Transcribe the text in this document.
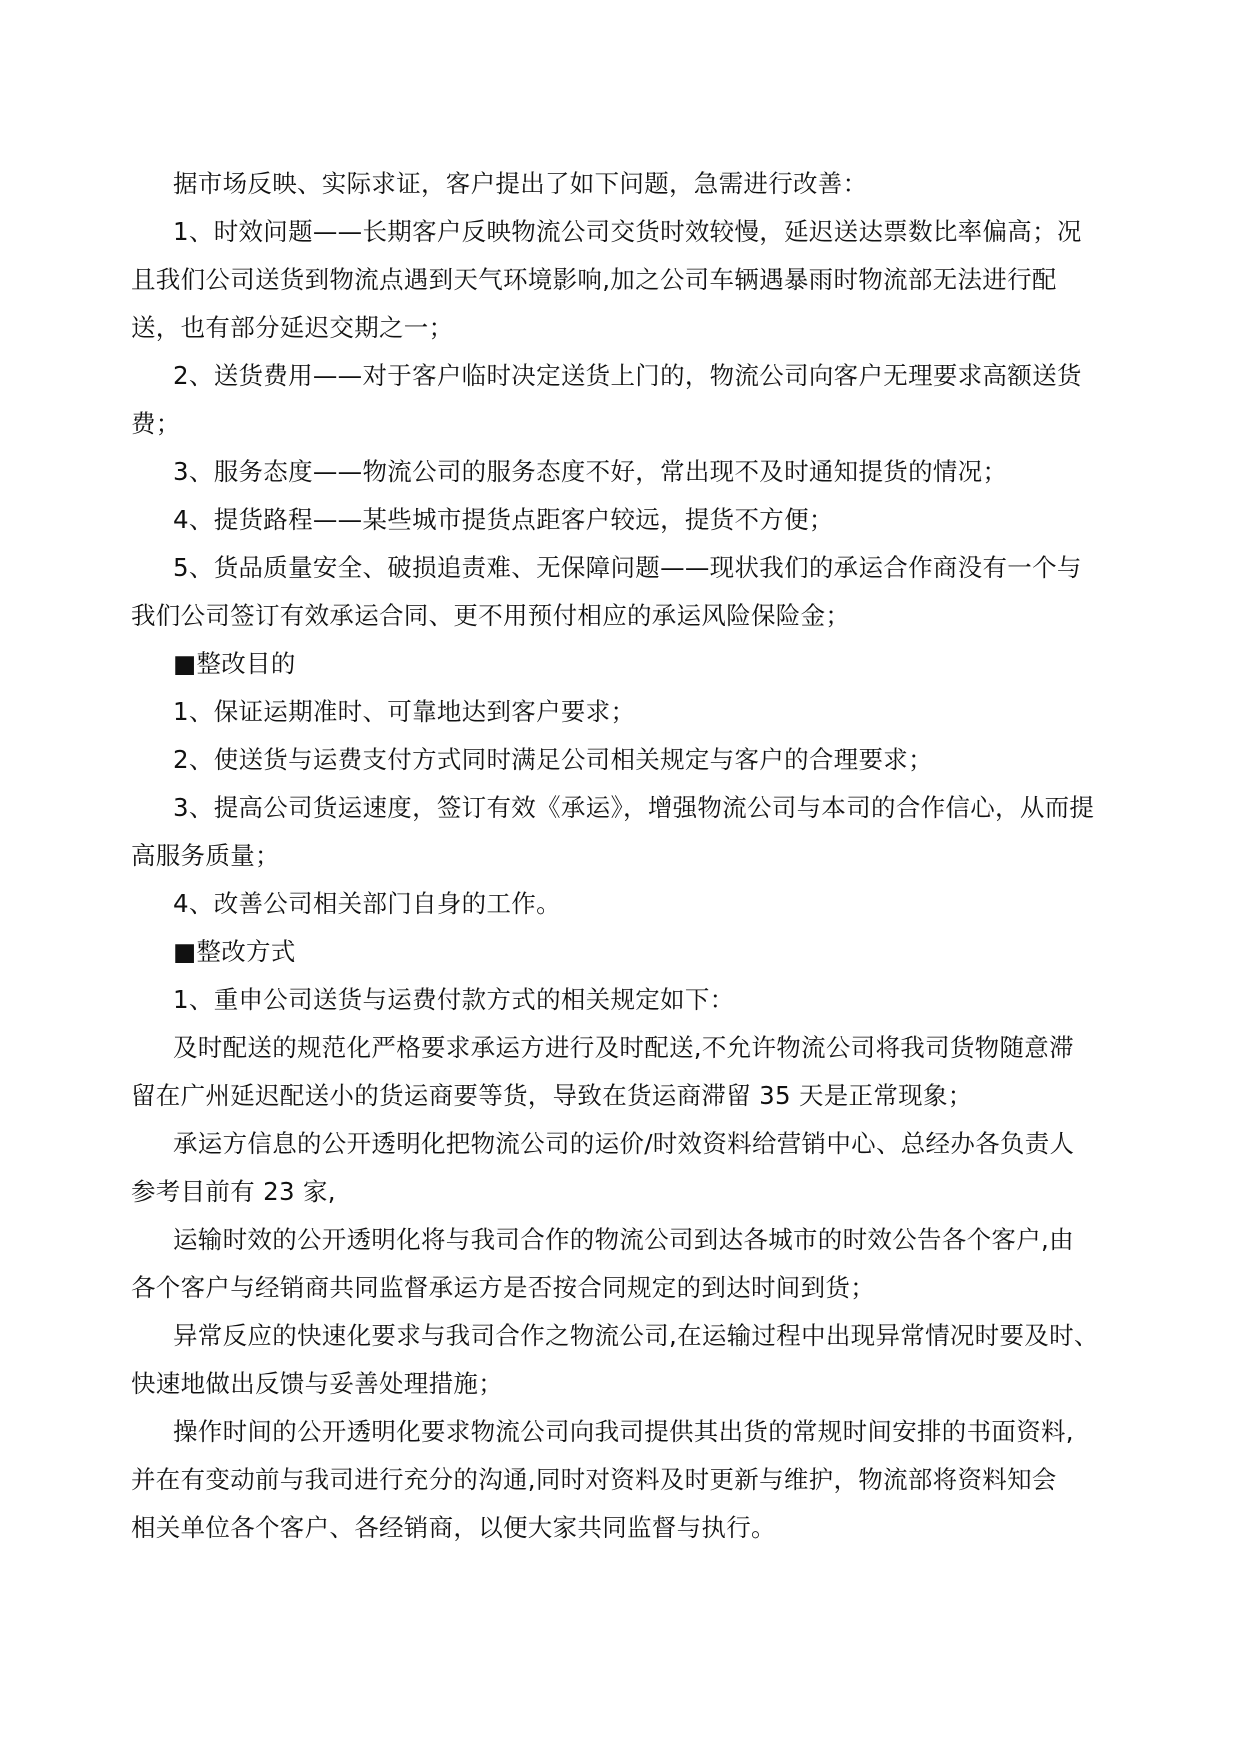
据市场反映、实际求证，客户提出了如下问题，急需进行改善：

1、时效问题——长期客户反映物流公司交货时效较慢，延迟送达票数比率偏高；况
且我们公司送货到物流点遇到天气环境影响,加之公司车辆遇暴雨时物流部无法进行配
送，也有部分延迟交期之一；

2、送货费用——对于客户临时决定送货上门的，物流公司向客户无理要求高额送货
费；

3、服务态度——物流公司的服务态度不好，常出现不及时通知提货的情况；

4、提货路程——某些城市提货点距客户较远，提货不方便；

5、货品质量安全、破损追责难、无保障问题——现状我们的承运合作商没有一个与
我们公司签订有效承运合同、更不用预付相应的承运风险保险金；

■整改目的

1、保证运期准时、可靠地达到客户要求；

2、使送货与运费支付方式同时满足公司相关规定与客户的合理要求；

3、提高公司货运速度，签订有效《承运》，增强物流公司与本司的合作信心，从而提
高服务质量；

4、改善公司相关部门自身的工作。

■整改方式

1、重申公司送货与运费付款方式的相关规定如下：

及时配送的规范化严格要求承运方进行及时配送,不允许物流公司将我司货物随意滞
留在广州延迟配送小的货运商要等货，导致在货运商滞留 35 天是正常现象；

承运方信息的公开透明化把物流公司的运价/时效资料给营销中心、总经办各负责人
参考目前有 23 家,

运输时效的公开透明化将与我司合作的物流公司到达各城市的时效公告各个客户,由
各个客户与经销商共同监督承运方是否按合同规定的到达时间到货；

异常反应的快速化要求与我司合作之物流公司,在运输过程中出现异常情况时要及时、
快速地做出反馈与妥善处理措施；

操作时间的公开透明化要求物流公司向我司提供其出货的常规时间安排的书面资料,
并在有变动前与我司进行充分的沟通,同时对资料及时更新与维护，物流部将资料知会
相关单位各个客户、各经销商，以便大家共同监督与执行。
